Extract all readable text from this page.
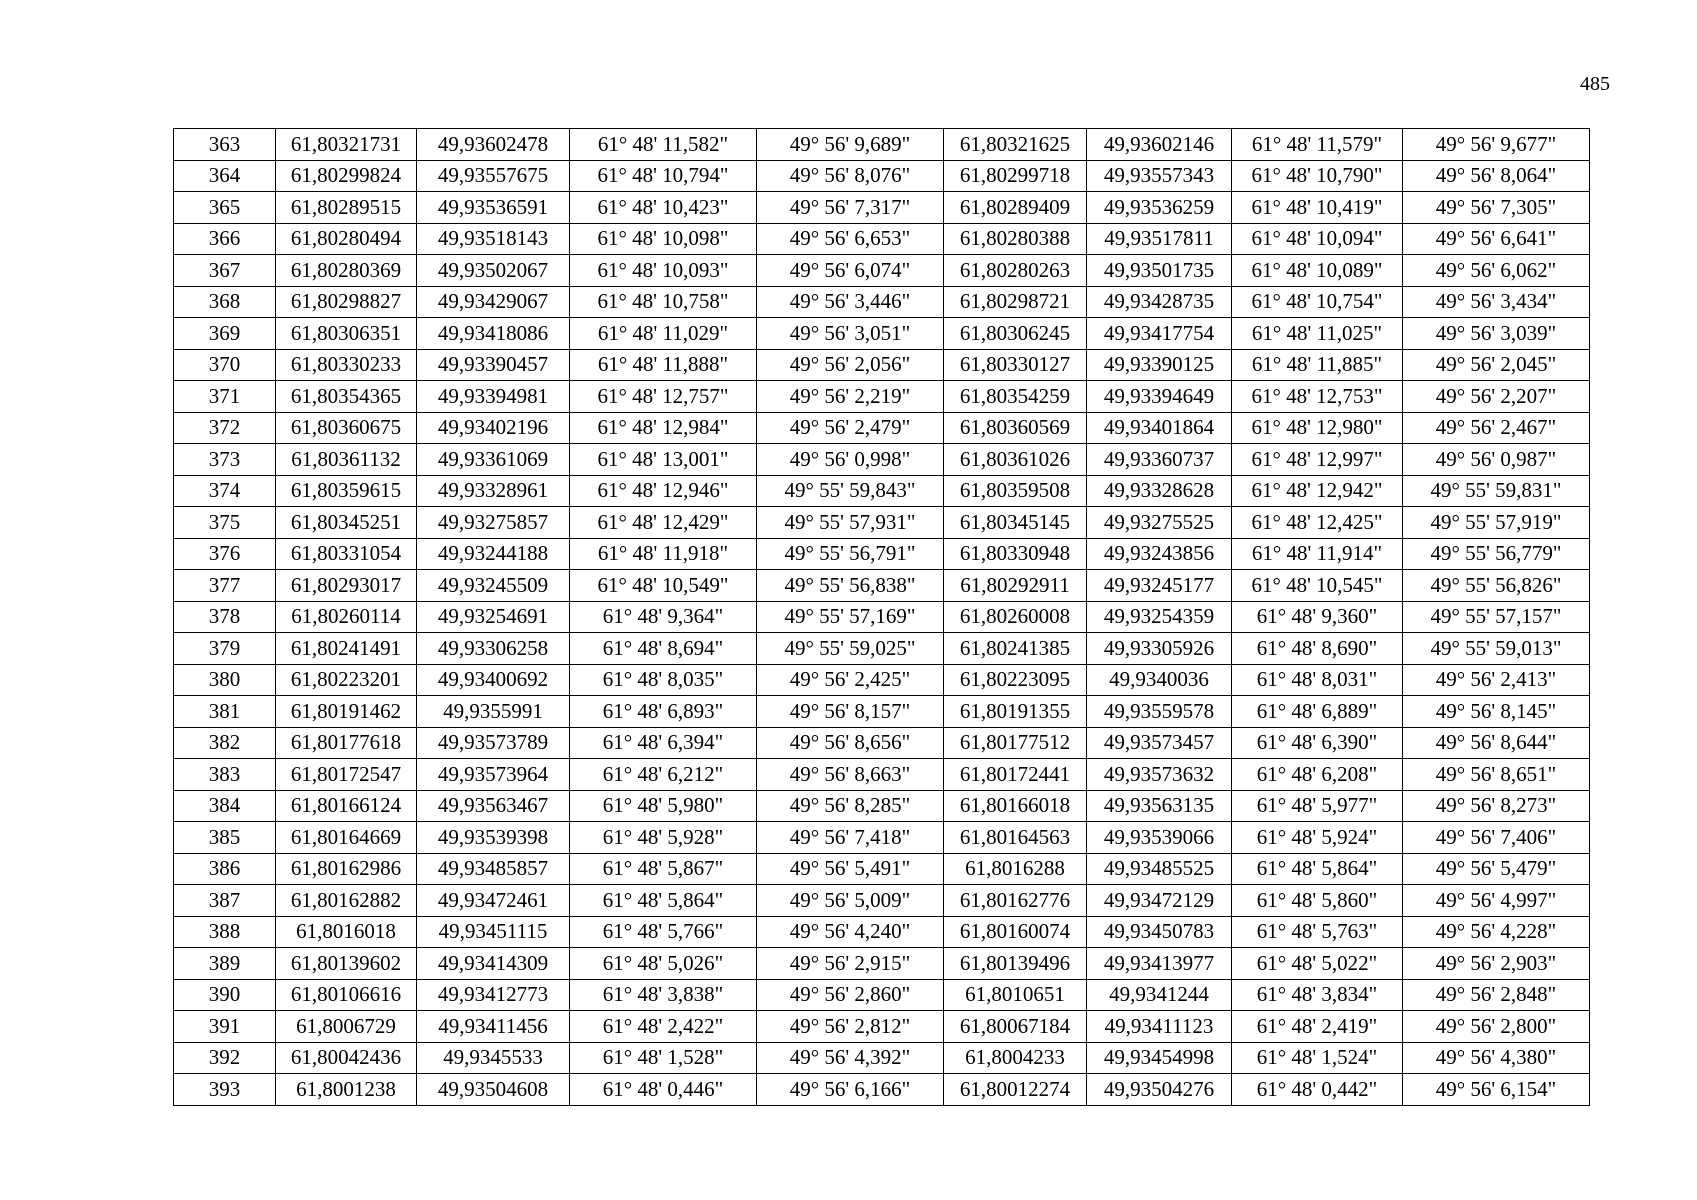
485
363	61,80321731	49,93602478	61° 48' 11,582"	49° 56' 9,689"	61,80321625	49,93602146	61° 48' 11,579"	49° 56' 9,677"
364	61,80299824	49,93557675	61° 48' 10,794"	49° 56' 8,076"	61,80299718	49,93557343	61° 48' 10,790"	49° 56' 8,064"
365	61,80289515	49,93536591	61° 48' 10,423"	49° 56' 7,317"	61,80289409	49,93536259	61° 48' 10,419"	49° 56' 7,305"
366	61,80280494	49,93518143	61° 48' 10,098"	49° 56' 6,653"	61,80280388	49,93517811	61° 48' 10,094"	49° 56' 6,641"
367	61,80280369	49,93502067	61° 48' 10,093"	49° 56' 6,074"	61,80280263	49,93501735	61° 48' 10,089"	49° 56' 6,062"
368	61,80298827	49,93429067	61° 48' 10,758"	49° 56' 3,446"	61,80298721	49,93428735	61° 48' 10,754"	49° 56' 3,434"
369	61,80306351	49,93418086	61° 48' 11,029"	49° 56' 3,051"	61,80306245	49,93417754	61° 48' 11,025"	49° 56' 3,039"
370	61,80330233	49,93390457	61° 48' 11,888"	49° 56' 2,056"	61,80330127	49,93390125	61° 48' 11,885"	49° 56' 2,045"
371	61,80354365	49,93394981	61° 48' 12,757"	49° 56' 2,219"	61,80354259	49,93394649	61° 48' 12,753"	49° 56' 2,207"
372	61,80360675	49,93402196	61° 48' 12,984"	49° 56' 2,479"	61,80360569	49,93401864	61° 48' 12,980"	49° 56' 2,467"
373	61,80361132	49,93361069	61° 48' 13,001"	49° 56' 0,998"	61,80361026	49,93360737	61° 48' 12,997"	49° 56' 0,987"
374	61,80359615	49,93328961	61° 48' 12,946"	49° 55' 59,843"	61,80359508	49,93328628	61° 48' 12,942"	49° 55' 59,831"
375	61,80345251	49,93275857	61° 48' 12,429"	49° 55' 57,931"	61,80345145	49,93275525	61° 48' 12,425"	49° 55' 57,919"
376	61,80331054	49,93244188	61° 48' 11,918"	49° 55' 56,791"	61,80330948	49,93243856	61° 48' 11,914"	49° 55' 56,779"
377	61,80293017	49,93245509	61° 48' 10,549"	49° 55' 56,838"	61,80292911	49,93245177	61° 48' 10,545"	49° 55' 56,826"
378	61,80260114	49,93254691	61° 48' 9,364"	49° 55' 57,169"	61,80260008	49,93254359	61° 48' 9,360"	49° 55' 57,157"
379	61,80241491	49,93306258	61° 48' 8,694"	49° 55' 59,025"	61,80241385	49,93305926	61° 48' 8,690"	49° 55' 59,013"
380	61,80223201	49,93400692	61° 48' 8,035"	49° 56' 2,425"	61,80223095	49,9340036	61° 48' 8,031"	49° 56' 2,413"
381	61,80191462	49,9355991	61° 48' 6,893"	49° 56' 8,157"	61,80191355	49,93559578	61° 48' 6,889"	49° 56' 8,145"
382	61,80177618	49,93573789	61° 48' 6,394"	49° 56' 8,656"	61,80177512	49,93573457	61° 48' 6,390"	49° 56' 8,644"
383	61,80172547	49,93573964	61° 48' 6,212"	49° 56' 8,663"	61,80172441	49,93573632	61° 48' 6,208"	49° 56' 8,651"
384	61,80166124	49,93563467	61° 48' 5,980"	49° 56' 8,285"	61,80166018	49,93563135	61° 48' 5,977"	49° 56' 8,273"
385	61,80164669	49,93539398	61° 48' 5,928"	49° 56' 7,418"	61,80164563	49,93539066	61° 48' 5,924"	49° 56' 7,406"
386	61,80162986	49,93485857	61° 48' 5,867"	49° 56' 5,491"	61,8016288	49,93485525	61° 48' 5,864"	49° 56' 5,479"
387	61,80162882	49,93472461	61° 48' 5,864"	49° 56' 5,009"	61,80162776	49,93472129	61° 48' 5,860"	49° 56' 4,997"
388	61,8016018	49,93451115	61° 48' 5,766"	49° 56' 4,240"	61,80160074	49,93450783	61° 48' 5,763"	49° 56' 4,228"
389	61,80139602	49,93414309	61° 48' 5,026"	49° 56' 2,915"	61,80139496	49,93413977	61° 48' 5,022"	49° 56' 2,903"
390	61,80106616	49,93412773	61° 48' 3,838"	49° 56' 2,860"	61,8010651	49,9341244	61° 48' 3,834"	49° 56' 2,848"
391	61,8006729	49,93411456	61° 48' 2,422"	49° 56' 2,812"	61,80067184	49,93411123	61° 48' 2,419"	49° 56' 2,800"
392	61,80042436	49,9345533	61° 48' 1,528"	49° 56' 4,392"	61,8004233	49,93454998	61° 48' 1,524"	49° 56' 4,380"
393	61,8001238	49,93504608	61° 48' 0,446"	49° 56' 6,166"	61,80012274	49,93504276	61° 48' 0,442"	49° 56' 6,154"
